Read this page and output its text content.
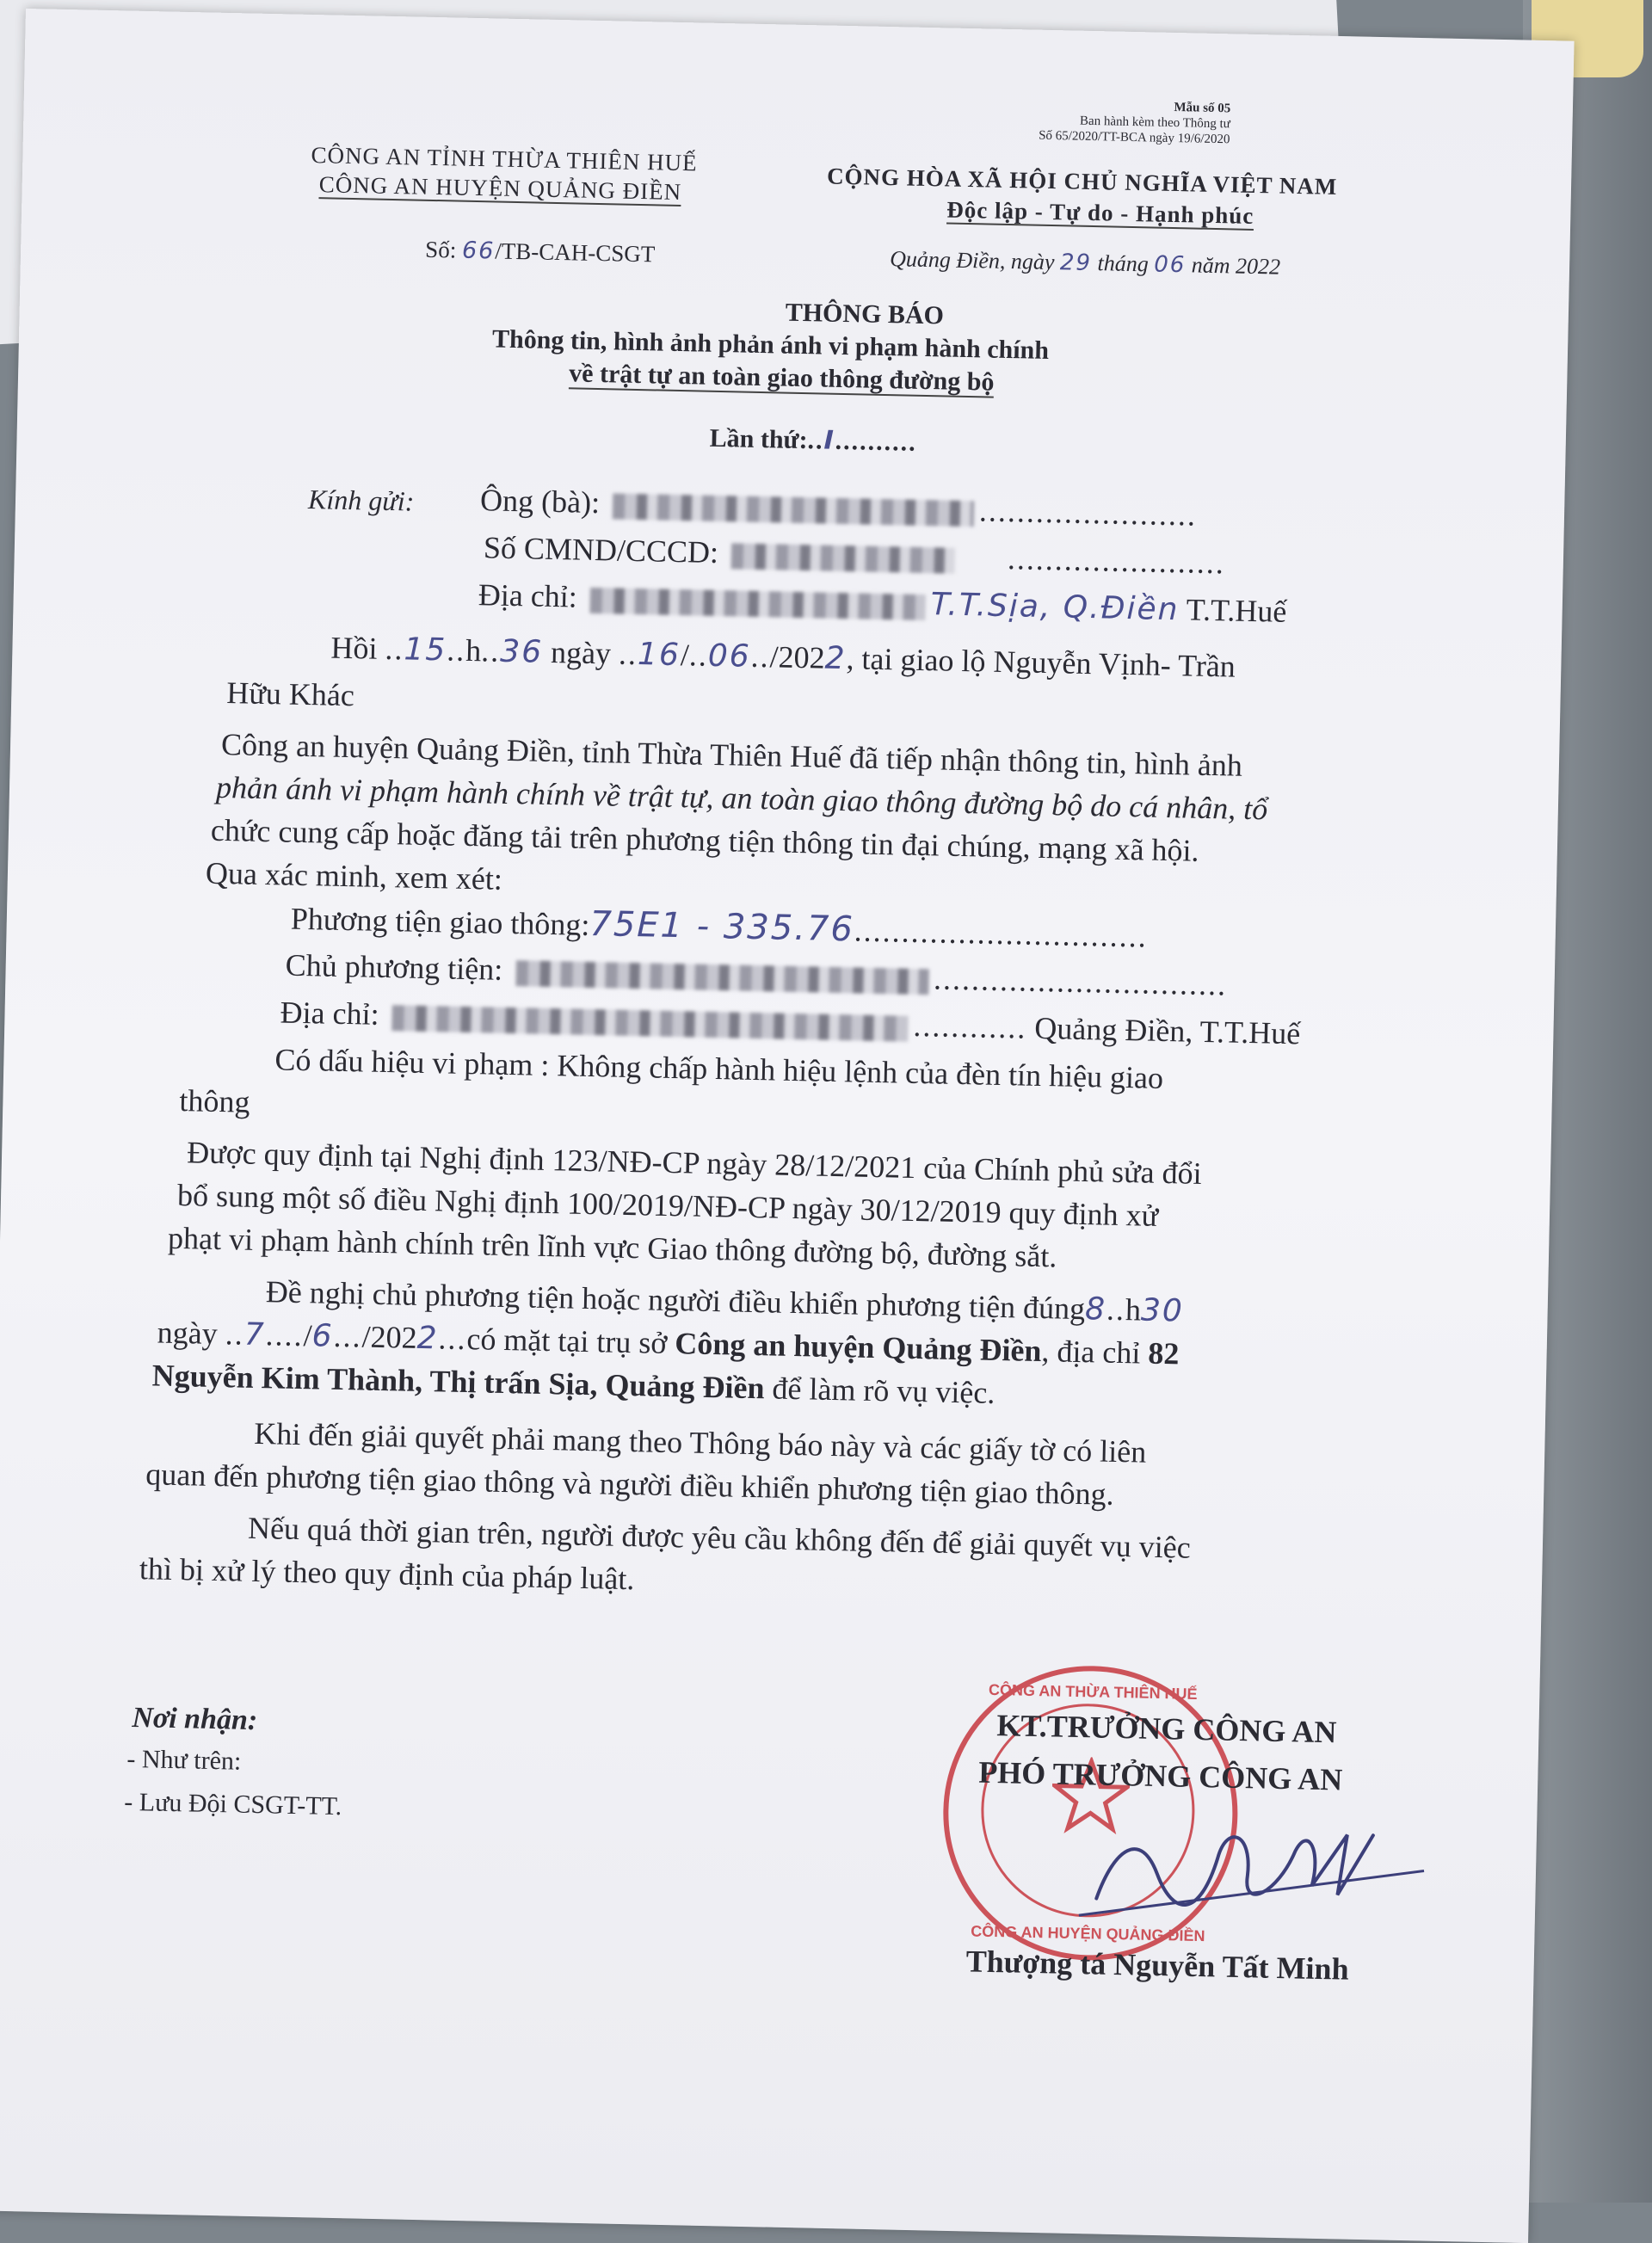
Mẫu số 05
Ban hành kèm theo Thông tư
Số 65/2020/TT-BCA ngày 19/6/2020
CÔNG AN TỈNH THỪA THIÊN HUẾ
CÔNG AN HUYỆN QUẢNG ĐIỀN	CỘNG HÒA XÃ HỘI CHỦ NGHĨA VIỆT NAM
Độc lập - Tự do - Hạnh phúc
Số: 66/TB-CAH-CSGT	Quảng Điền, ngày 29 tháng 06 năm 2022
THÔNG BÁO
Thông tin, hình ảnh phản ánh vi phạm hành chính
về trật tự an toàn giao thông đường bộ
Lần thứ:..I..........
Kính gửi: Ông (bà):	.......................
Số CMND/CCCD:	.......................
Địa chỉ:	T.T.Sịa, Q.Điền T.T.Huế
Hồi ..15..h..36 ngày ..16/..06../2022, tại giao lộ Nguyễn Vịnh- Trần
Hữu Khác
Công an huyện Quảng Điền, tỉnh Thừa Thiên Huế đã tiếp nhận thông tin, hình ảnh
phản ánh vi phạm hành chính về trật tự, an toàn giao thông đường bộ do cá nhân, tổ
chức cung cấp hoặc đăng tải trên phương tiện thông tin đại chúng, mạng xã hội.
Qua xác minh, xem xét:
Phương tiện giao thông:75E1 - 335.76...............................
Chủ phương tiện:	...............................
Địa chỉ:	............ Quảng Điền, T.T.Huế
Có dấu hiệu vi phạm : Không chấp hành hiệu lệnh của đèn tín hiệu giao
thông
Được quy định tại Nghị định 123/NĐ-CP ngày 28/12/2021 của Chính phủ sửa đổi
bổ sung một số điều Nghị định 100/2019/NĐ-CP ngày 30/12/2019 quy định xử
phạt vi phạm hành chính trên lĩnh vực Giao thông đường bộ, đường sắt.
Đề nghị chủ phương tiện hoặc người điều khiển phương tiện đúng8..h30
ngày ..7..../6.../2022...có mặt tại trụ sở Công an huyện Quảng Điền, địa chỉ 82
Nguyễn Kim Thành, Thị trấn Sịa, Quảng Điền để làm rõ vụ việc.
Khi đến giải quyết phải mang theo Thông báo này và các giấy tờ có liên
quan đến phương tiện giao thông và người điều khiển phương tiện giao thông.
Nếu quá thời gian trên, người được yêu cầu không đến để giải quyết vụ việc
thì bị xử lý theo quy định của pháp luật.
Nơi nhận:
- Như trên:
- Lưu Đội CSGT-TT.
CÔNG AN THỪA THIÊN HUẾ
CÔNG AN HUYỆN QUẢNG ĐIỀN
KT.TRƯỞNG CÔNG AN
PHÓ TRƯỞNG CÔNG AN
Thượng tá Nguyễn Tất Minh
